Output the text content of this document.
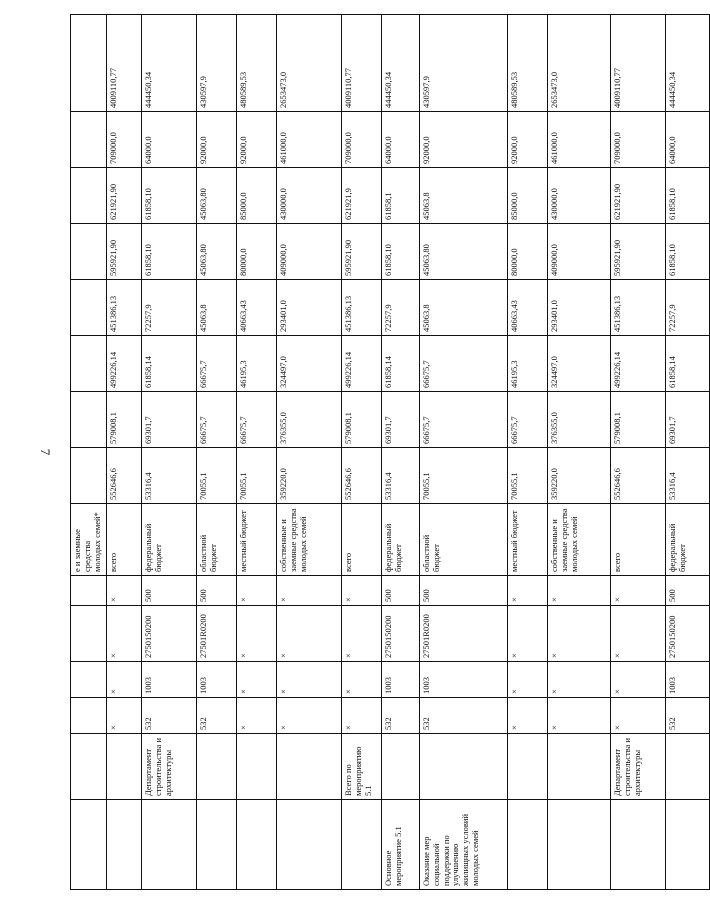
7
						е и заемные средства молодых семей*								
		×	×	×	×	всего	552646,6	579008,1	499226,14	451386,13	595921,90	621921,90	709000,0	4009110,77
	Департамент строительства и архитектуры	532	1003	2750150200	500	федеральный бюджет	53316,4	69301,7	61858,14	72257,9	61858,10	61858,10	64000,0	444450,34
		532	1003	27501R0200	500	областной бюджет	70055,1	66675,7	66675,7	45063,8	45063,80	45063,80	92000,0	430597,9
		×	×	×	×	местный бюджет	70055,1	66675,7	46195,3	40663,43	80000,0	85000,0	92000,0	480589,53
		×	×	×	×	собственные и заемные средства молодых семей	359220,0	376355,0	324497,0	293401,0	409000,0	430000,0	461000,0	2653473,0
	Всего по мероприятию 5.1	×	×	×	×	всего	552646,6	579008,1	499226,14	451386,13	595921,90	621921,9	709000,0	4009110,77
Основное мероприятие 5.1		532	1003	2750150200	500	федеральный бюджет	53316,4	69301,7	61858,14	72257,9	61858,10	61858,1	64000,0	444450,34
Оказание мер социальной поддержки по улучшению жилищных условий молодых семей		532	1003	27501R0200	500	областной бюджет	70055,1	66675,7	66675,7	45063,8	45063,80	45063,8	92000,0	430597,9
		×	×	×	×	местный бюджет	70055,1	66675,7	46195,3	40663,43	80000,0	85000,0	92000,0	480589,53
		×	×	×	×	собственные и заемные средства молодых семей	359220,0	376355,0	324497,0	293401,0	409000,0	430000,0	461000,0	2653473,0
	Департамент строительства и архитектуры	×	×	×	×	всего	552646,6	579008,1	499226,14	451386,13	595921,90	621921,90	709000,0	4009110,77
		532	1003	2750150200	500	федеральный бюджет	53316,4	69301,7	61858,14	72257,9	61858,10	61858,10	64000,0	444450,34
